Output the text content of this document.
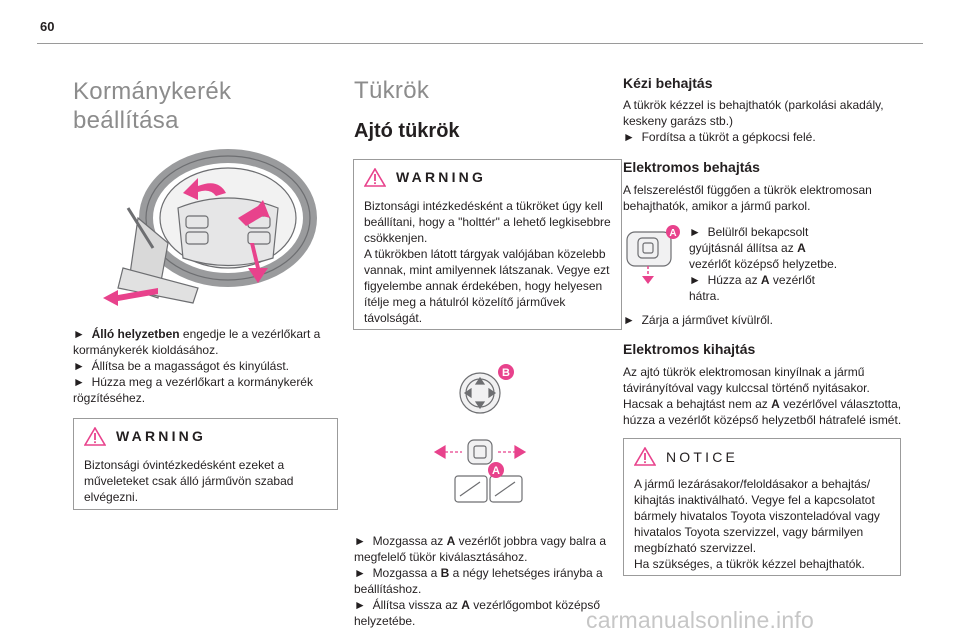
60
Kormánykerék beállítása
► Álló helyzetben engedje le a vezérlőkart a kormánykerék kioldásához.
► Állítsa be a magasságot és kinyúlást.
► Húzza meg a vezérlőkart a kormánykerék rögzítéséhez.
WARNING

Biztonsági óvintézkedésként ezeket a műveleteket csak álló járművön szabad elvégezni.

Tükrök
Ajtó tükrök
WARNING

Biztonsági intézkedésként a tükröket úgy kell beállítani, hogy a "holttér" a lehető legkisebbre csökkenjen.
A tükrökben látott tárgyak valójában közelebb vannak, mint amilyennek látszanak. Vegye ezt figyelembe annak érdekében, hogy helyesen ítélje meg a hátulról közelítő járművek távolságát.

B
A
► Mozgassa az A vezérlőt jobbra vagy balra a megfelelő tükör kiválasztásához.
► Mozgassa a B a négy lehetséges irányba a beállításhoz.
► Állítsa vissza az A vezérlőgombot középső helyzetébe.
Kézi behajtás

A tükrök kézzel is behajthatók (parkolási akadály, keskeny garázs stb.)

► Fordítsa a tükröt a gépkocsi felé.
Elektromos behajtás

A felszereléstől függően a tükrök elektromosan behajthatók, amikor a jármű parkol.

A ► Belülről bekapcsolt gyújtásnál állítsa az A vezérlőt középső helyzetbe.
► Húzza az A vezérlőt hátra.
► Zárja a járművet kívülről.
Elektromos kihajtás

Az ajtó tükrök elektromosan kinyílnak a jármű távirányítóval vagy kulccsal történő nyitásakor.
Hacsak a behajtást nem az A vezérlővel választotta, húzza a vezérlőt középső helyzetből hátrafelé ismét.

NOTICE

A jármű lezárásakor/feloldásakor a behajtás/ kihajtás inaktiválható. Vegye fel a kapcsolatot bármely hivatalos Toyota viszonteladóval vagy hivatalos Toyota szervizzel, vagy bármilyen megbízható szervizzel.
Ha szükséges, a tükrök kézzel behajthatók.

carmanualsonline.info
